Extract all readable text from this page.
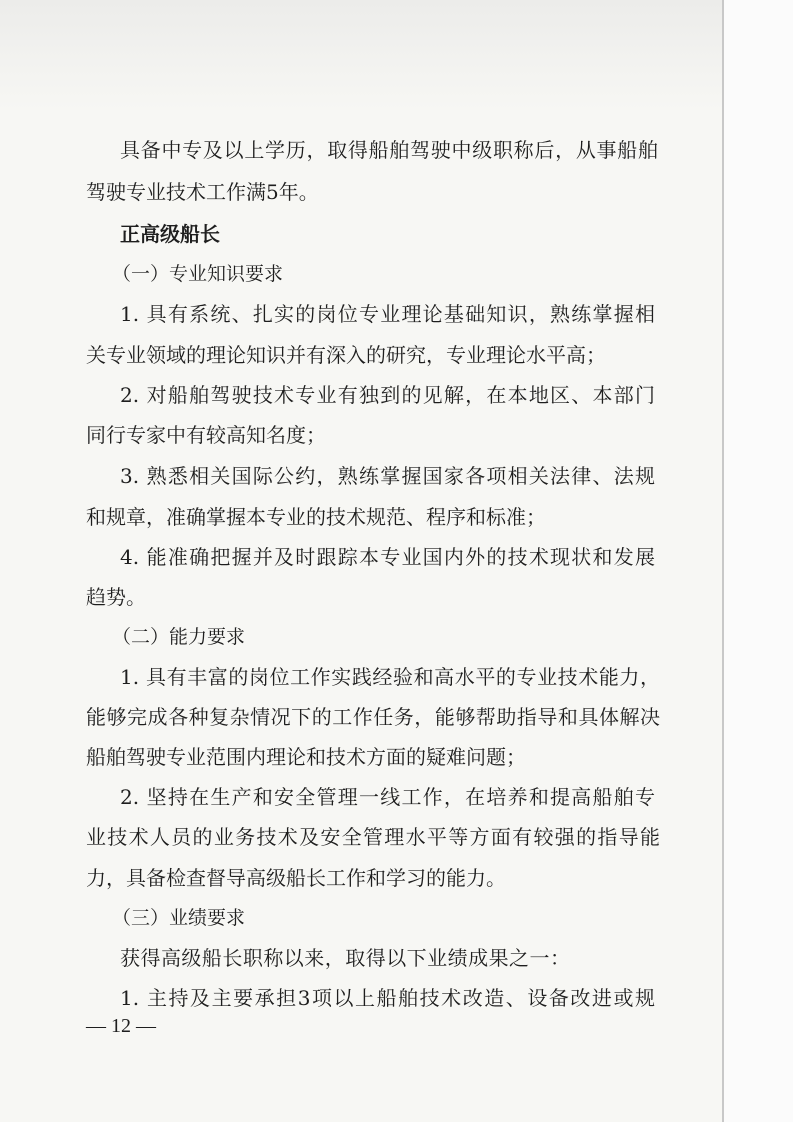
具备中专及以上学历，取得船舶驾驶中级职称后，从事船舶

驾驶专业技术工作满5年。

正高级船长

（一）专业知识要求

1. 具有系统、扎实的岗位专业理论基础知识，熟练掌握相

关专业领域的理论知识并有深入的研究，专业理论水平高；

2. 对船舶驾驶技术专业有独到的见解，在本地区、本部门

同行专家中有较高知名度；

3. 熟悉相关国际公约，熟练掌握国家各项相关法律、法规

和规章，准确掌握本专业的技术规范、程序和标准；

4. 能准确把握并及时跟踪本专业国内外的技术现状和发展

趋势。

（二）能力要求

1. 具有丰富的岗位工作实践经验和高水平的专业技术能力，

能够完成各种复杂情况下的工作任务，能够帮助指导和具体解决

船舶驾驶专业范围内理论和技术方面的疑难问题；

2. 坚持在生产和安全管理一线工作，在培养和提高船舶专

业技术人员的业务技术及安全管理水平等方面有较强的指导能

力，具备检查督导高级船长工作和学习的能力。

（三）业绩要求

获得高级船长职称以来，取得以下业绩成果之一：

1. 主持及主要承担3项以上船舶技术改造、设备改进或规

— 12 —
